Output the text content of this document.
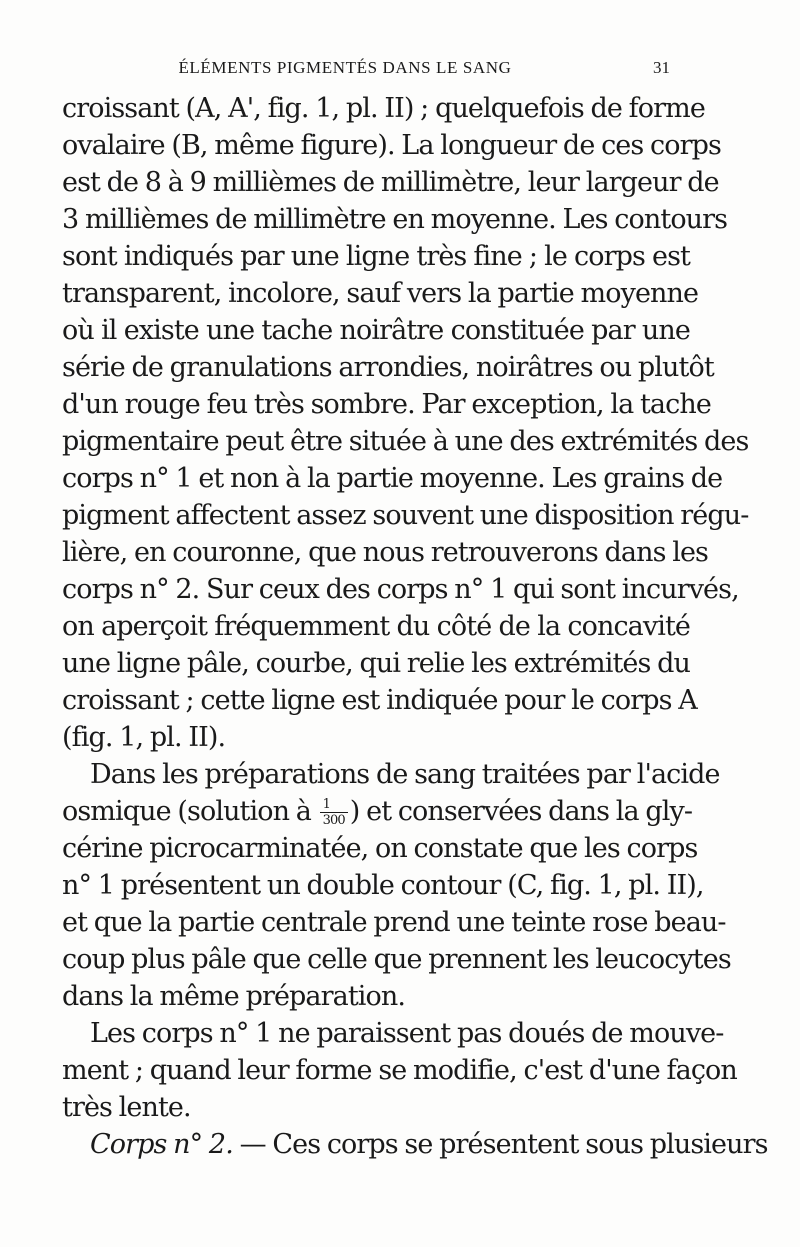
ÉLÉMENTS PIGMENTÉS DANS LE SANG	31
croissant (A, A', fig. 1, pl. II) ; quelquefois de forme
ovalaire (B, même figure). La longueur de ces corps
est de 8 à 9 millièmes de millimètre, leur largeur de
3 millièmes de millimètre en moyenne. Les contours
sont indiqués par une ligne très fine ; le corps est
transparent, incolore, sauf vers la partie moyenne
où il existe une tache noirâtre constituée par une
série de granulations arrondies, noirâtres ou plutôt
d'un rouge feu très sombre. Par exception, la tache
pigmentaire peut être située à une des extrémités des
corps n° 1 et non à la partie moyenne. Les grains de
pigment affectent assez souvent une disposition régu-
lière, en couronne, que nous retrouverons dans les
corps n° 2. Sur ceux des corps n° 1 qui sont incurvés,
on aperçoit fréquemment du côté de la concavité
une ligne pâle, courbe, qui relie les extrémités du
croissant ; cette ligne est indiquée pour le corps A
(fig. 1, pl. II).
Dans les préparations de sang traitées par l'acide
osmique (solution à $\frac{1}{300}$ ) et conservées dans la gly-
cérine picrocarminatée, on constate que les corps
n° 1 présentent un double contour (C, fig. 1, pl. II),
et que la partie centrale prend une teinte rose beau-
coup plus pâle que celle que prennent les leucocytes
dans la même préparation.
Les corps n° 1 ne paraissent pas doués de mouve-
ment ; quand leur forme se modifie, c'est d'une façon
très lente.
Corps n° 2. — Ces corps se présentent sous plusieurs
